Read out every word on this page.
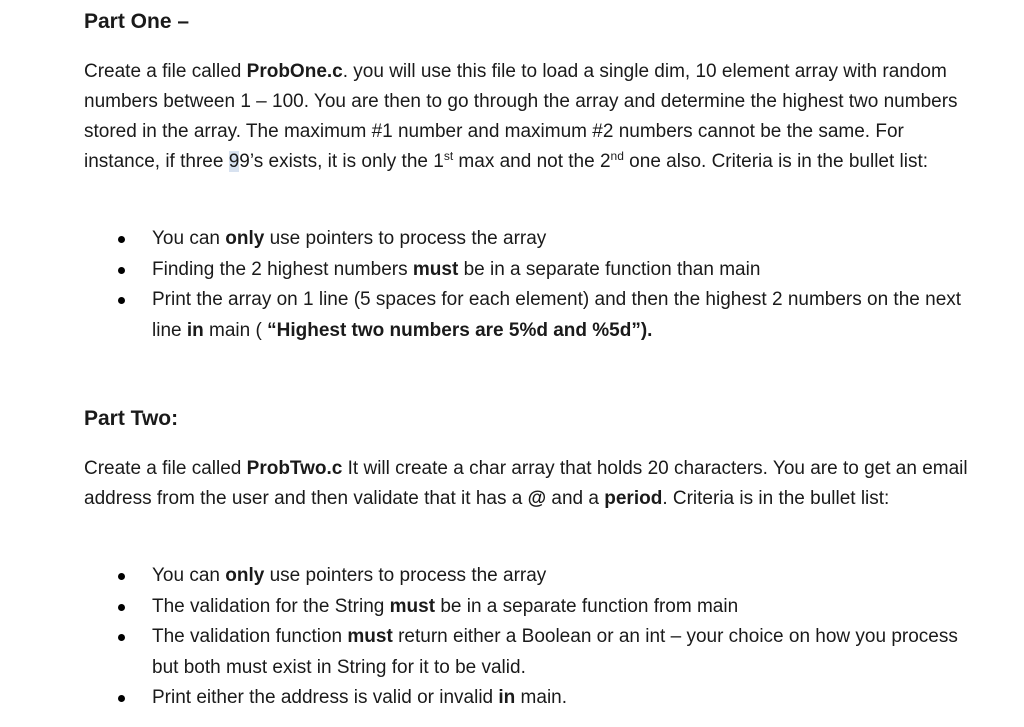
Part One –

Create a file called ProbOne.c. you will use this file to load a single dim, 10 element array with random numbers between 1 – 100. You are then to go through the array and determine the highest two numbers stored in the array. The maximum #1 number and maximum #2 numbers cannot be the same. For instance, if three 99’s exists, it is only the 1st max and not the 2nd one also. Criteria is in the bullet list:

You can only use pointers to process the array
Finding the 2 highest numbers must be in a separate function than main
Print the array on 1 line (5 spaces for each element) and then the highest 2 numbers on the next line in main ( “Highest two numbers are 5%d and %5d”).
Part Two:

Create a file called ProbTwo.c It will create a char array that holds 20 characters. You are to get an email address from the user and then validate that it has a @ and a period. Criteria is in the bullet list:

You can only use pointers to process the array
The validation for the String must be in a separate function from main
The validation function must return either a Boolean or an int – your choice on how you process but both must exist in String for it to be valid.
Print either the address is valid or invalid in main.
